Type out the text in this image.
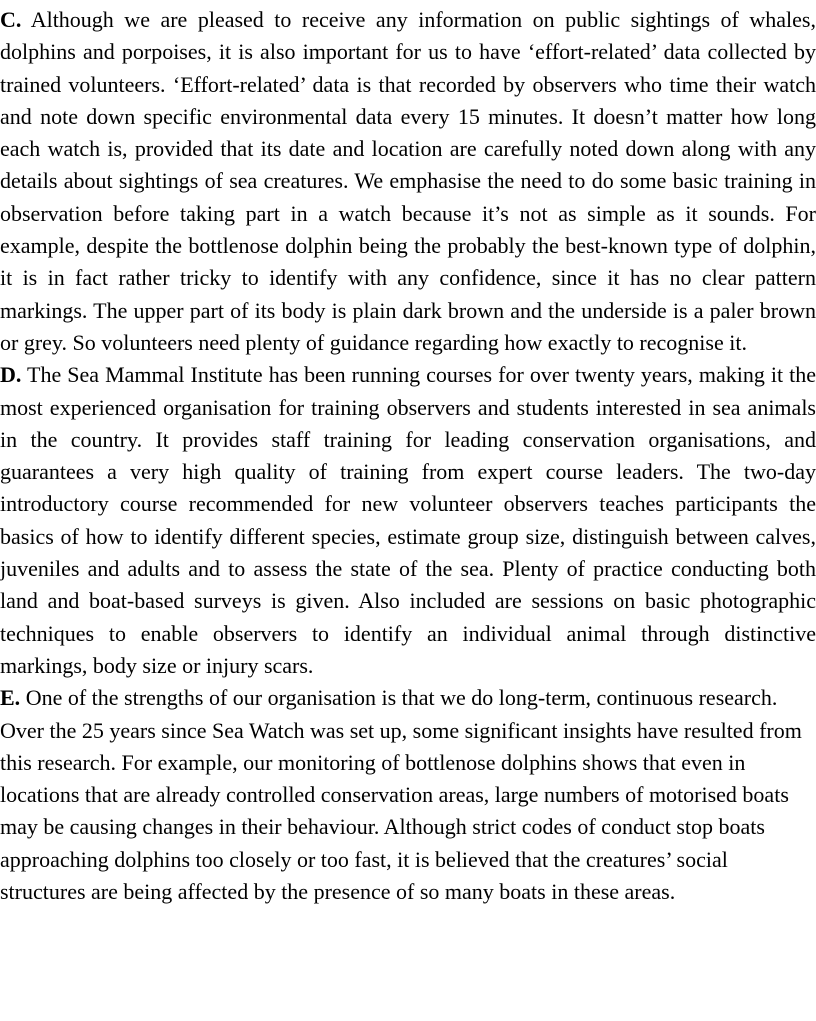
C. Although we are pleased to receive any information on public sightings of whales, dolphins and porpoises, it is also important for us to have ‘effort-related’ data collected by trained volunteers. ‘Effort-related’ data is that recorded by observers who time their watch and note down specific environmental data every 15 minutes. It doesn’t matter how long each watch is, provided that its date and location are carefully noted down along with any details about sightings of sea creatures. We emphasise the need to do some basic training in observation before taking part in a watch because it’s not as simple as it sounds. For example, despite the bottlenose dolphin being the probably the best-known type of dolphin, it is in fact rather tricky to identify with any confidence, since it has no clear pattern markings. The upper part of its body is plain dark brown and the underside is a paler brown or grey. So volunteers need plenty of guidance regarding how exactly to recognise it.

D. The Sea Mammal Institute has been running courses for over twenty years, making it the most experienced organisation for training observers and students interested in sea animals in the country. It provides staff training for leading conservation organisations, and guarantees a very high quality of training from expert course leaders. The two-day introductory course recommended for new volunteer observers teaches participants the basics of how to identify different species, estimate group size, distinguish between calves, juveniles and adults and to assess the state of the sea. Plenty of practice conducting both land and boat-based surveys is given. Also included are sessions on basic photographic techniques to enable observers to identify an individual animal through distinctive markings, body size or injury scars.

E. One of the strengths of our organisation is that we do long-term, continuous research. Over the 25 years since Sea Watch was set up, some significant insights have resulted from this research. For example, our monitoring of bottlenose dolphins shows that even in locations that are already controlled conservation areas, large numbers of motorised boats may be causing changes in their behaviour. Although strict codes of conduct stop boats approaching dolphins too closely or too fast, it is believed that the creatures’ social structures are being affected by the presence of so many boats in these areas.
